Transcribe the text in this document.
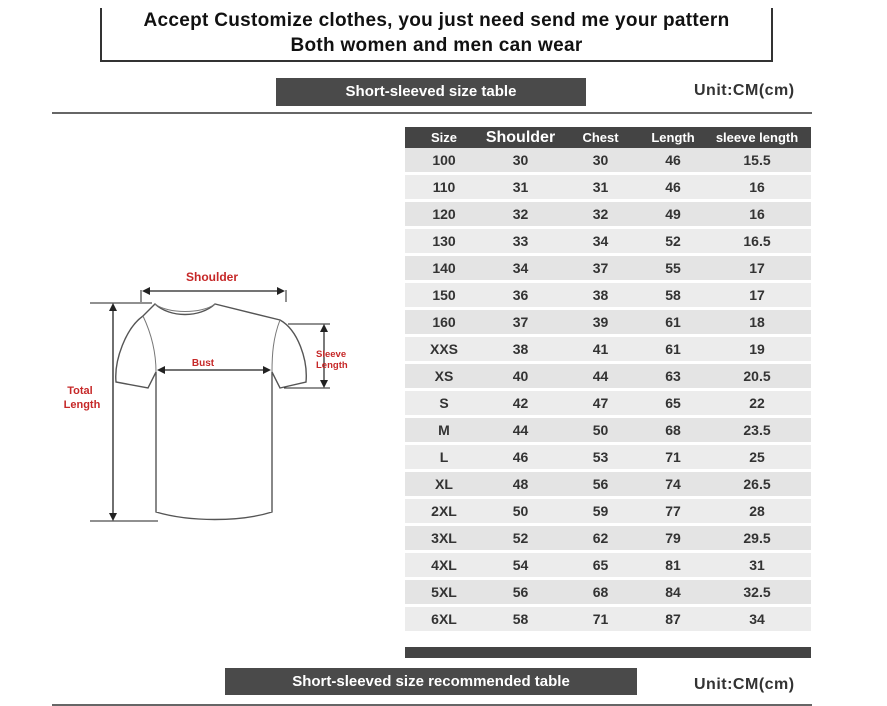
Accept Customize clothes, you just need send me your pattern
Both women and men can wear
Short-sleeved size table	Unit:CM(cm)
Shoulder
Bust
Sleeve
Length
Total
Length
Size	Shoulder	Chest	Length	sleeve length
100	30	30	46	15.5
110	31	31	46	16
120	32	32	49	16
130	33	34	52	16.5
140	34	37	55	17
150	36	38	58	17
160	37	39	61	18
XXS	38	41	61	19
XS	40	44	63	20.5
S	42	47	65	22
M	44	50	68	23.5
L	46	53	71	25
XL	48	56	74	26.5
2XL	50	59	77	28
3XL	52	62	79	29.5
4XL	54	65	81	31
5XL	56	68	84	32.5
6XL	58	71	87	34
Short-sleeved size recommended table	Unit:CM(cm)
